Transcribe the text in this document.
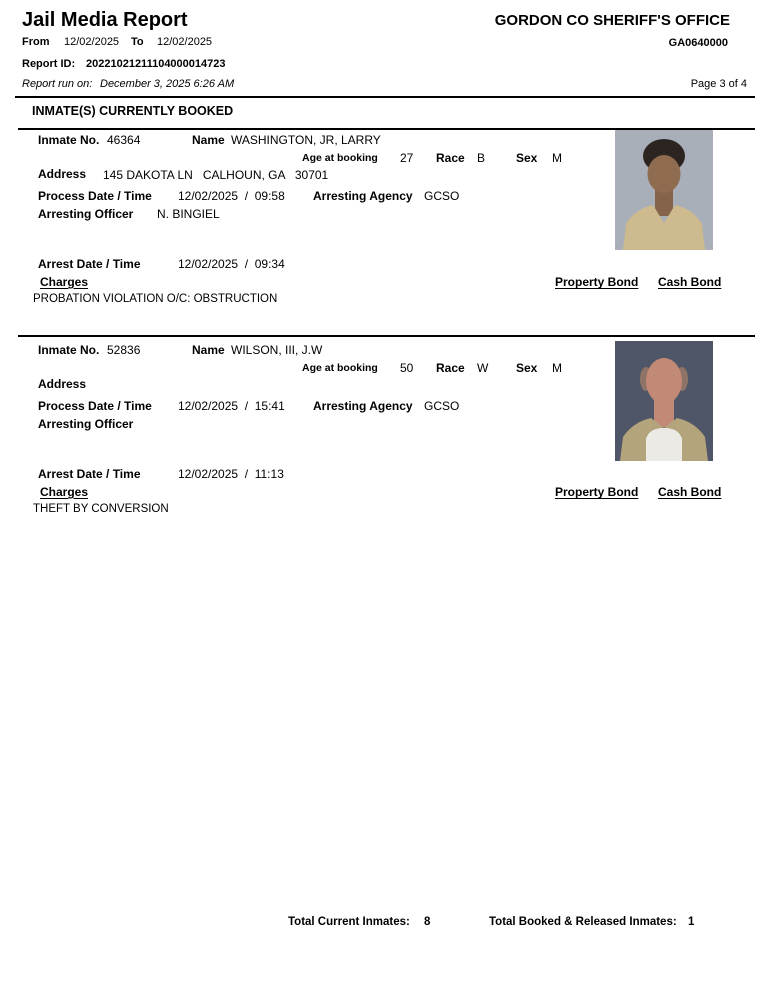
Jail Media Report	GORDON CO SHERIFF'S OFFICE
From 12/02/2025 To 12/02/2025	GA0640000
Report ID: 20221021211104000014723
Report run on: December 3, 2025 6:26 AM	Page 3 of 4
INMATE(S) CURRENTLY BOOKED
Inmate No. 46364	Name WASHINGTON, JR, LARRY
Age at booking 27 Race B	Sex M
Address 145 DAKOTA LN   CALHOUN, GA   30701
Process Date / Time 12/02/2025  /  09:58 Arresting Agency GCSO
Arresting Officer N. BINGIEL
Arrest Date / Time	12/02/2025  /  09:34
Charges	Property Bond Cash Bond
PROBATION VIOLATION O/C: OBSTRUCTION
Inmate No. 52836	Name WILSON, III, J.W
Age at booking 50 Race W Sex M
Address
Process Date / Time 12/02/2025  /  15:41 Arresting Agency GCSO
Arresting Officer
Arrest Date / Time	12/02/2025  /  11:13
Charges	Property Bond Cash Bond
THEFT BY CONVERSION
Total Current Inmates: 8	Total Booked & Released Inmates: 1
